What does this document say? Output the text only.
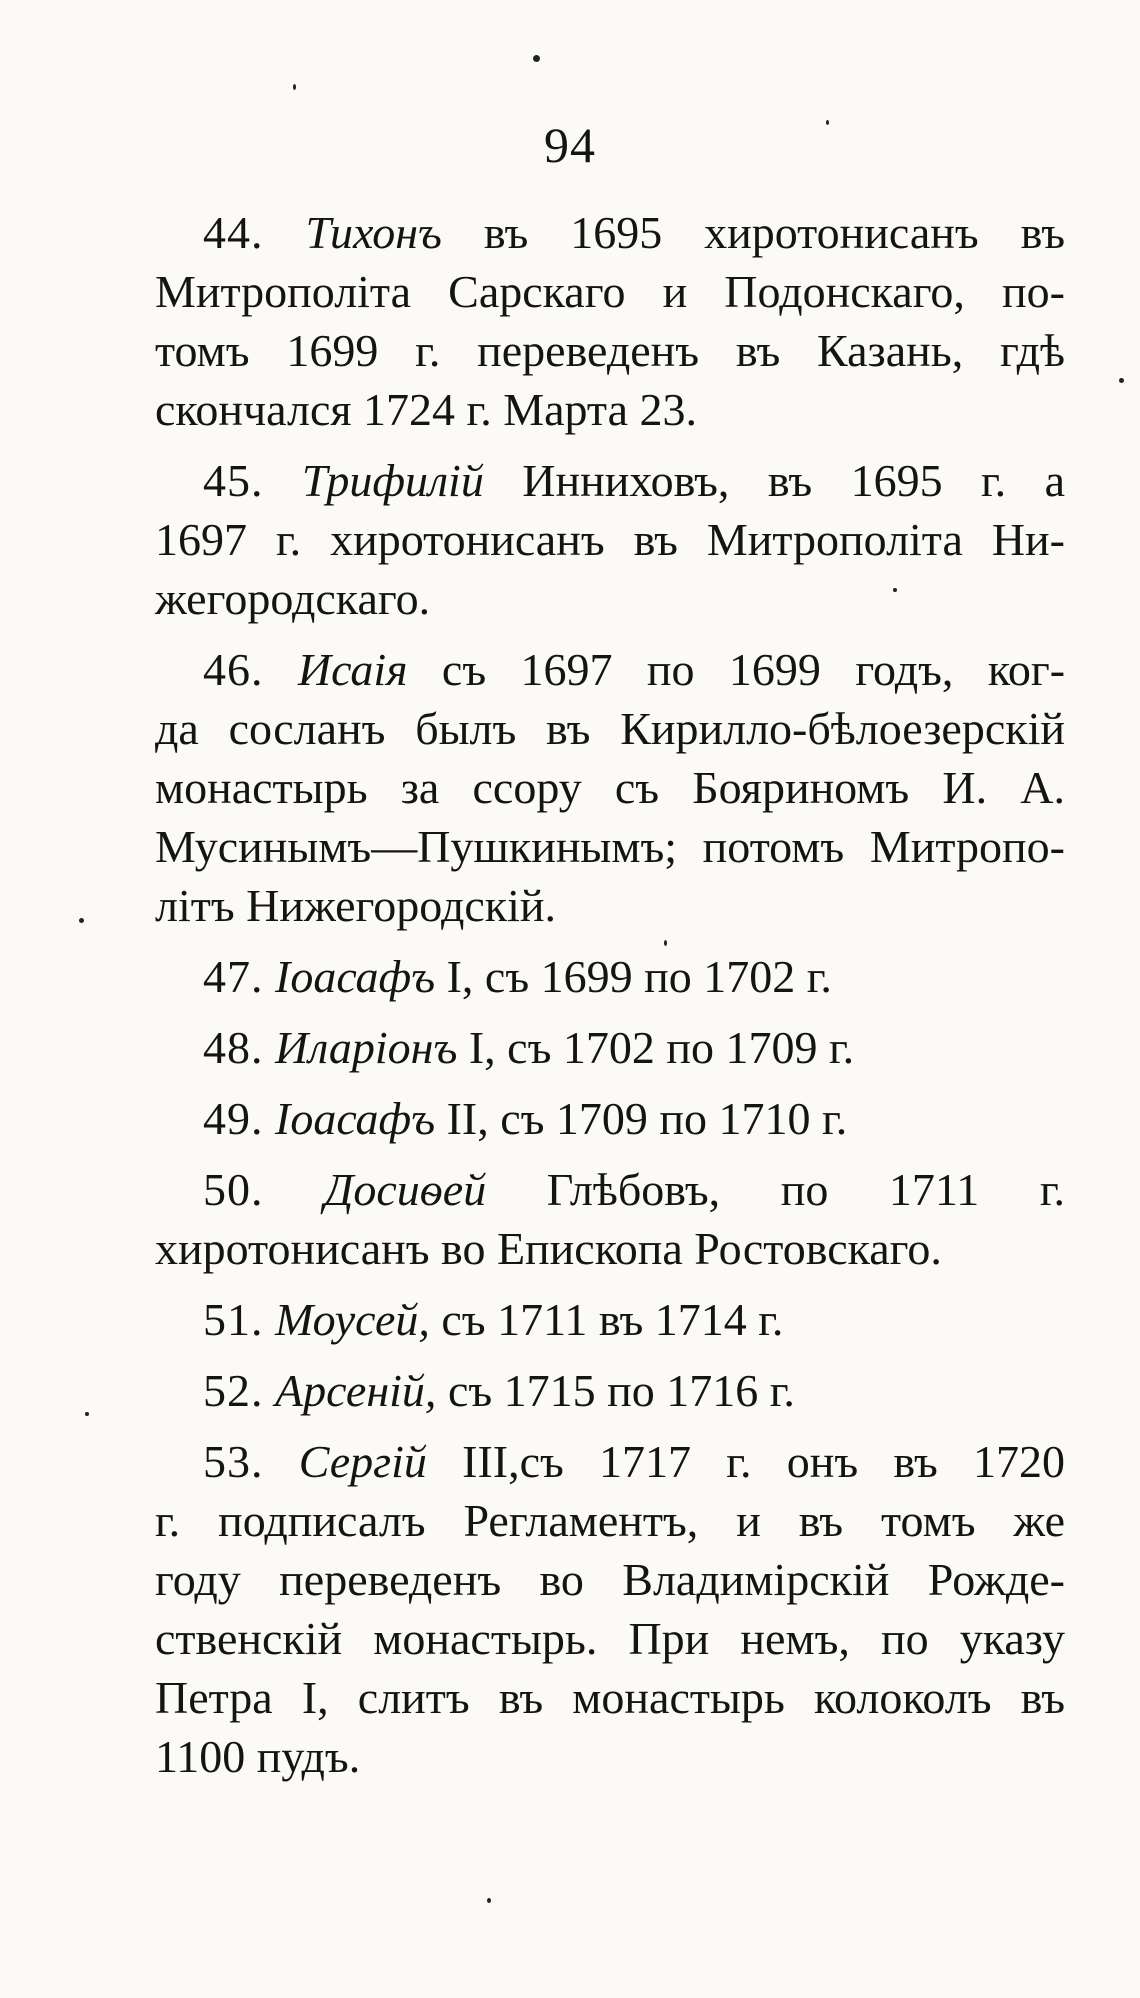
94
44. Тихонъ въ 1695 хиротонисанъ въ
Митрополіта Сарскаго и Подонскаго, по-
томъ 1699 г. переведенъ въ Казань, гдѣ
скончался 1724 г. Марта 23.
45. Трифилій Инниховъ, въ 1695 г. а
1697 г. хиротонисанъ въ Митрополіта Ни-
жегородскаго.
46. Исаія съ 1697 по 1699 годъ, ког-
да сосланъ былъ въ Кирилло-бѣлоезерскій
монастырь за ссору съ Бояриномъ И. А.
Мусинымъ—Пушкинымъ; потомъ Митропо-
літъ Нижегородскій.
47. Іоасафъ I, съ 1699 по 1702 г.
48. Иларіонъ I, съ 1702 по 1709 г.
49. Іоасафъ II, съ 1709 по 1710 г.
50. Досиѳей Глѣбовъ, по 1711 г.
хиротонисанъ во Епископа Ростовскаго.
51. Моусей, съ 1711 въ 1714 г.
52. Арсеній, съ 1715 по 1716 г.
53. Сергій III,съ 1717 г. онъ въ 1720
г. подписалъ Регламентъ, и въ томъ же
году переведенъ во Владимірскій Рожде-
ственскій монастырь. При немъ, по указу
Петра I, слитъ въ монастырь колоколъ въ
1100 пудъ.
